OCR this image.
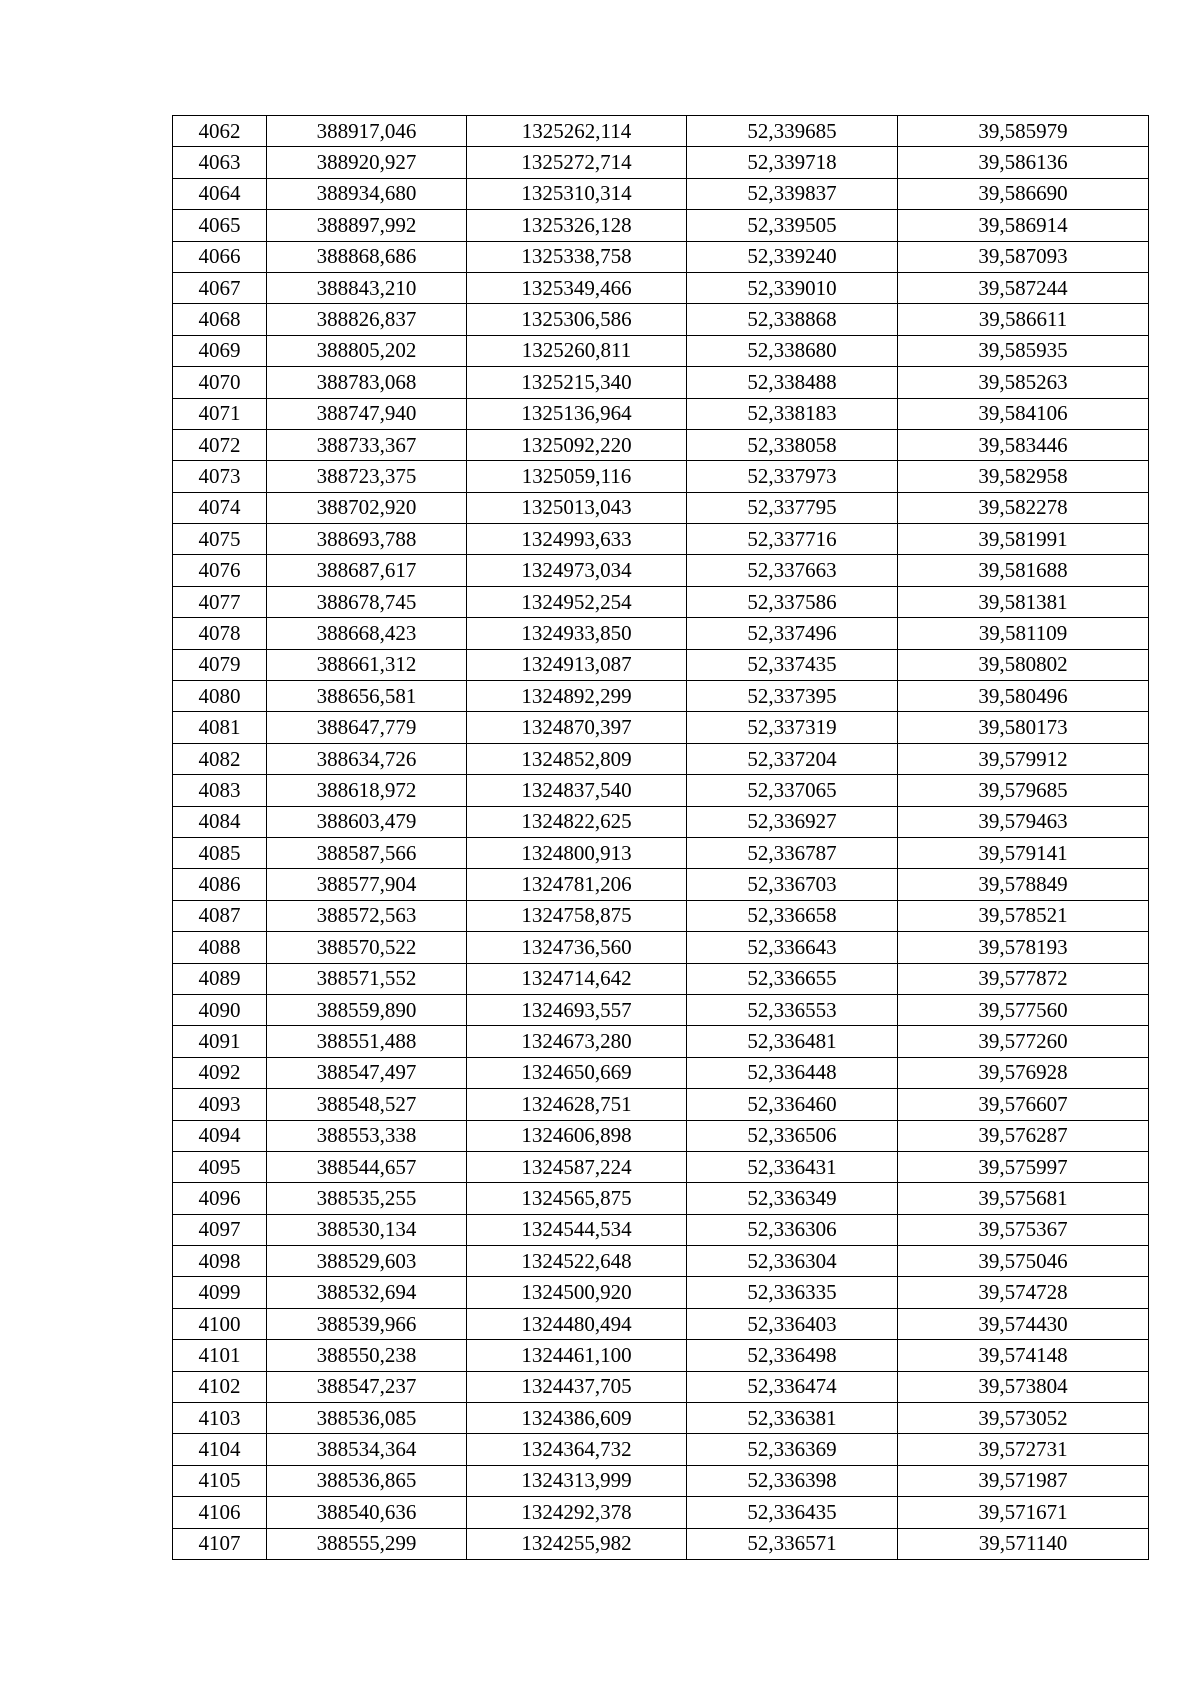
4062	388917,046	1325262,114	52,339685	39,585979
4063	388920,927	1325272,714	52,339718	39,586136
4064	388934,680	1325310,314	52,339837	39,586690
4065	388897,992	1325326,128	52,339505	39,586914
4066	388868,686	1325338,758	52,339240	39,587093
4067	388843,210	1325349,466	52,339010	39,587244
4068	388826,837	1325306,586	52,338868	39,586611
4069	388805,202	1325260,811	52,338680	39,585935
4070	388783,068	1325215,340	52,338488	39,585263
4071	388747,940	1325136,964	52,338183	39,584106
4072	388733,367	1325092,220	52,338058	39,583446
4073	388723,375	1325059,116	52,337973	39,582958
4074	388702,920	1325013,043	52,337795	39,582278
4075	388693,788	1324993,633	52,337716	39,581991
4076	388687,617	1324973,034	52,337663	39,581688
4077	388678,745	1324952,254	52,337586	39,581381
4078	388668,423	1324933,850	52,337496	39,581109
4079	388661,312	1324913,087	52,337435	39,580802
4080	388656,581	1324892,299	52,337395	39,580496
4081	388647,779	1324870,397	52,337319	39,580173
4082	388634,726	1324852,809	52,337204	39,579912
4083	388618,972	1324837,540	52,337065	39,579685
4084	388603,479	1324822,625	52,336927	39,579463
4085	388587,566	1324800,913	52,336787	39,579141
4086	388577,904	1324781,206	52,336703	39,578849
4087	388572,563	1324758,875	52,336658	39,578521
4088	388570,522	1324736,560	52,336643	39,578193
4089	388571,552	1324714,642	52,336655	39,577872
4090	388559,890	1324693,557	52,336553	39,577560
4091	388551,488	1324673,280	52,336481	39,577260
4092	388547,497	1324650,669	52,336448	39,576928
4093	388548,527	1324628,751	52,336460	39,576607
4094	388553,338	1324606,898	52,336506	39,576287
4095	388544,657	1324587,224	52,336431	39,575997
4096	388535,255	1324565,875	52,336349	39,575681
4097	388530,134	1324544,534	52,336306	39,575367
4098	388529,603	1324522,648	52,336304	39,575046
4099	388532,694	1324500,920	52,336335	39,574728
4100	388539,966	1324480,494	52,336403	39,574430
4101	388550,238	1324461,100	52,336498	39,574148
4102	388547,237	1324437,705	52,336474	39,573804
4103	388536,085	1324386,609	52,336381	39,573052
4104	388534,364	1324364,732	52,336369	39,572731
4105	388536,865	1324313,999	52,336398	39,571987
4106	388540,636	1324292,378	52,336435	39,571671
4107	388555,299	1324255,982	52,336571	39,571140
